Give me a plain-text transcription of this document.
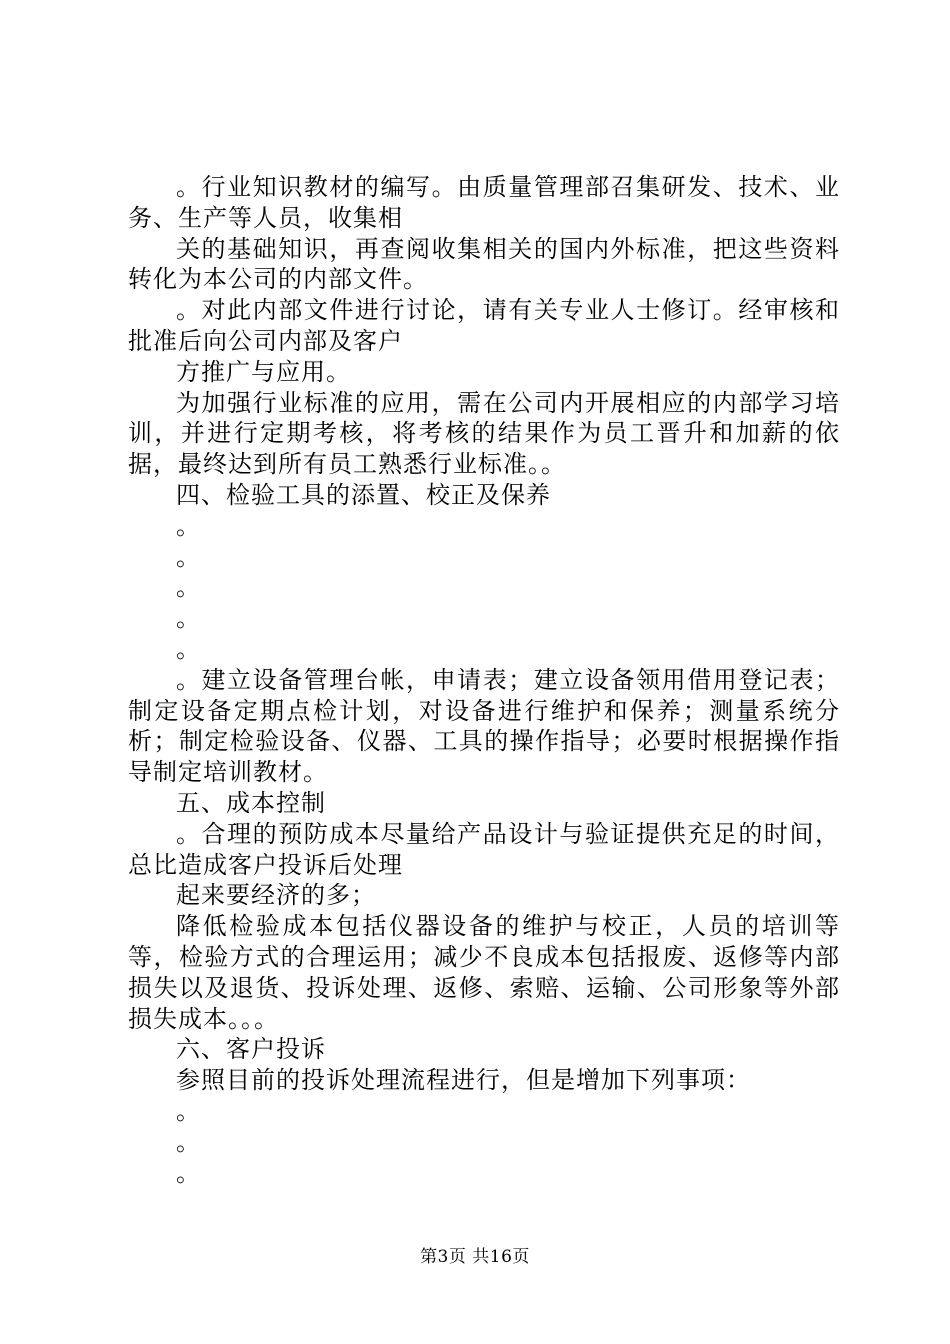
。行业知识教材的编写。由质量管理部召集研发、技术、业务、生产等人员，收集相

关的基础知识，再查阅收集相关的国内外标准，把这些资料转化为本公司的内部文件。

。对此内部文件进行讨论，请有关专业人士修订。经审核和批准后向公司内部及客户

方推广与应用。

为加强行业标准的应用，需在公司内开展相应的内部学习培训，并进行定期考核，将考核的结果作为员工晋升和加薪的依据，最终达到所有员工熟悉行业标准。。

四、检验工具的添置、校正及保养

。

。

。

。

。

。建立设备管理台帐，申请表；建立设备领用借用登记表；制定设备定期点检计划，对设备进行维护和保养；测量系统分析；制定检验设备、仪器、工具的操作指导；必要时根据操作指导制定培训教材。

五、成本控制

。合理的预防成本尽量给产品设计与验证提供充足的时间，总比造成客户投诉后处理

起来要经济的多；

降低检验成本包括仪器设备的维护与校正，人员的培训等等，检验方式的合理运用；减少不良成本包括报废、返修等内部损失以及退货、投诉处理、返修、索赔、运输、公司形象等外部损失成本。。。

六、客户投诉

参照目前的投诉处理流程进行，但是增加下列事项：

。

。

。

第3页 共16页
